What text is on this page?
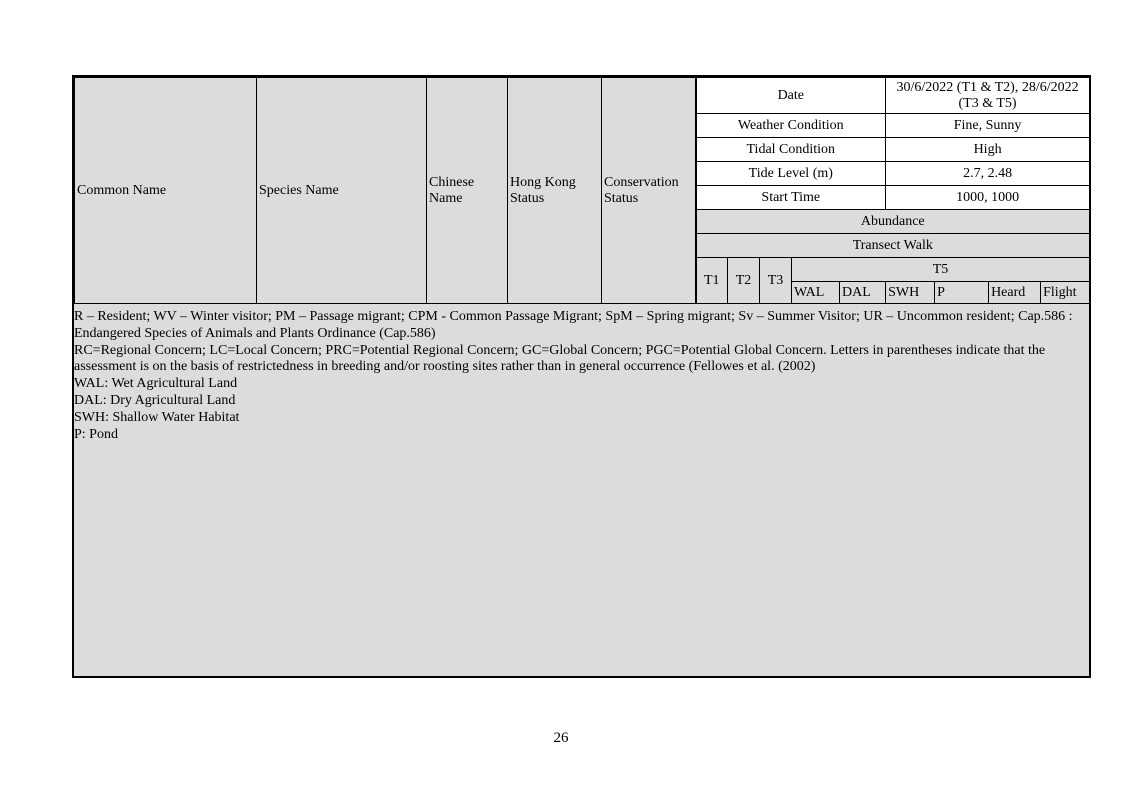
Common Name	Species Name	Chinese Name	Hong Kong Status	Conservation Status	Date					30/6/2022 (T1 & T2), 28/6/2022 (T3 & T5)			
					Weather Condition					Fine, Sunny			
					Tidal Condition					High			
					Tide Level (m)					2.7, 2.48			
					Start Time					1000, 1000			
					Abundance								
					Transect Walk								
					T1	T2	T3	T5					
								WAL	DAL	SWH	P	Heard	Flight
R – Resident; WV – Winter visitor; PM – Passage migrant; CPM - Common Passage Migrant; SpM – Spring migrant; Sv – Summer Visitor; UR – Uncommon resident; Cap.586 : Endangered Species of Animals and Plants Ordinance (Cap.586)
RC=Regional Concern; LC=Local Concern; PRC=Potential Regional Concern; GC=Global Concern; PGC=Potential Global Concern. Letters in parentheses indicate that the assessment is on the basis of restrictedness in breeding and/or roosting sites rather than in general occurrence (Fellowes et al. (2002)
WAL: Wet Agricultural Land
DAL: Dry Agricultural Land
SWH: Shallow Water Habitat
P: Pond
26
